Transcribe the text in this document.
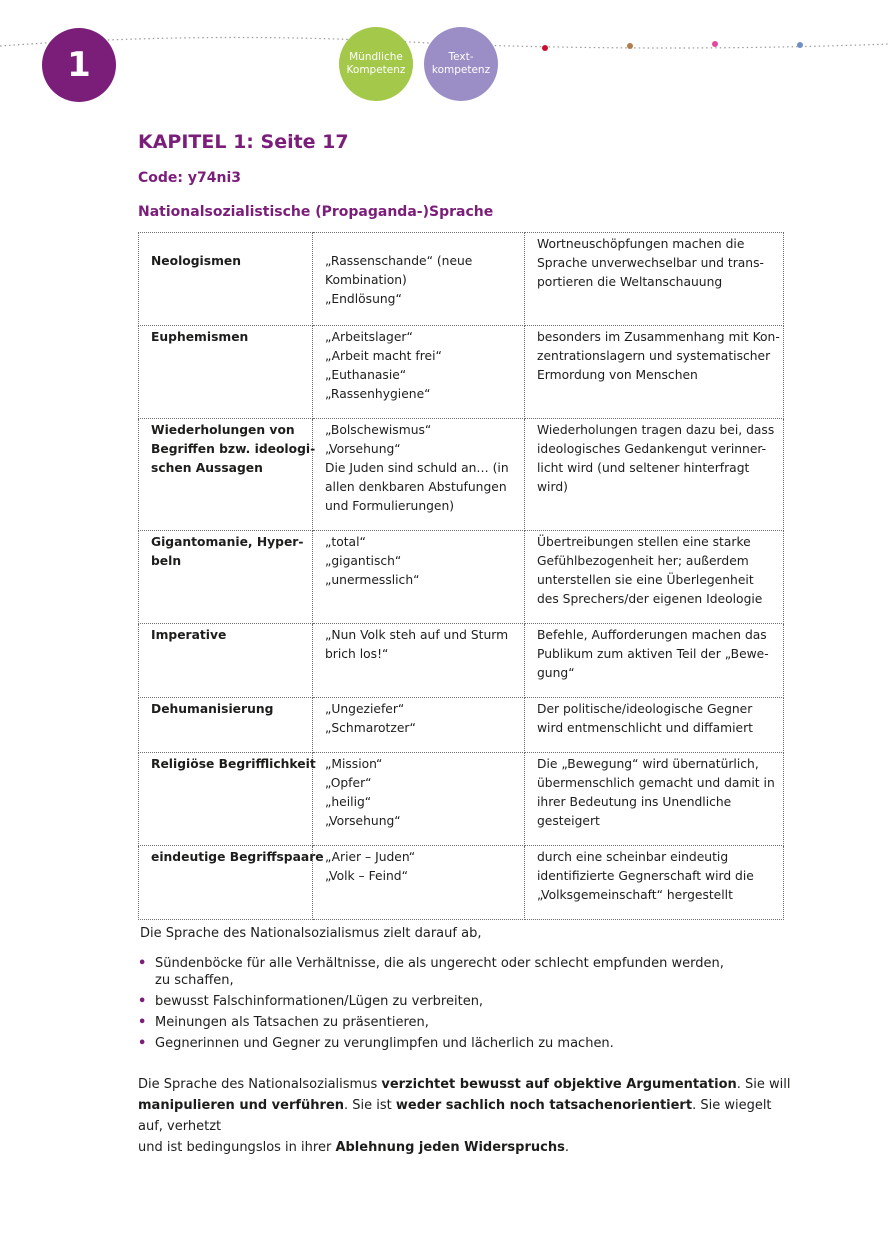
1	Mündliche
Kompetenz
Text-
kompetenz
KAPITEL 1: Seite 17
Code: y74ni3
Nationalsozialistische (Propaganda-)Sprache
Neologismen	„Rassenschande“ (neue
Kombination)
„Endlösung“	Wortneuschöpfungen machen die
Sprache unverwechselbar und trans-
portieren die Weltanschauung

Euphemismen	„Arbeitslager“
„Arbeit macht frei“
„Euthanasie“
„Rassenhygiene“	besonders im Zusammenhang mit Kon-
zentrationslagern und systematischer
Ermordung von Menschen

Wiederholungen von
Begriffen bzw. ideologi-
schen Aussagen	„Bolschewismus“
„Vorsehung“
Die Juden sind schuld an… (in
allen denkbaren Abstufungen
und Formulierungen)	Wiederholungen tragen dazu bei, dass
ideologisches Gedankengut verinner-
licht wird (und seltener hinterfragt
wird)

Gigantomanie, Hyper-
beln	„total“
„gigantisch“
„unermesslich“	Übertreibungen stellen eine starke
Gefühlbezogenheit her; außerdem
unterstellen sie eine Überlegenheit
des Sprechers/der eigenen Ideologie

Imperative	„Nun Volk steh auf und Sturm
brich los!“	Befehle, Aufforderungen machen das
Publikum zum aktiven Teil der „Bewe-
gung“

Dehumanisierung	„Ungeziefer“
„Schmarotzer“	Der politische/ideologische Gegner
wird entmenschlicht und diffamiert

Religiöse Begrifflichkeit	„Mission“
„Opfer“
„heilig“
„Vorsehung“	Die „Bewegung“ wird übernatürlich,
übermenschlich gemacht und damit in
ihrer Bedeutung ins Unendliche
gesteigert

eindeutige Begriffspaare	„Arier – Juden“
„Volk – Feind“	durch eine scheinbar eindeutig
identifizierte Gegnerschaft wird die
„Volksgemeinschaft“ hergestellt
Die Sprache des Nationalsozialismus zielt darauf ab,
• Sündenböcke für alle Verhältnisse, die als ungerecht oder schlecht empfunden werden,
zu schaffen,
• bewusst Falschinformationen/Lügen zu verbreiten,
• Meinungen als Tatsachen zu präsentieren,
• Gegnerinnen und Gegner zu verunglimpfen und lächerlich zu machen.

Die Sprache des Nationalsozialismus verzichtet bewusst auf objektive Argumentation. Sie will
manipulieren und verführen. Sie ist weder sachlich noch tatsachenorientiert. Sie wiegelt auf, verhetzt
und ist bedingungslos in ihrer Ablehnung jeden Widerspruchs.
